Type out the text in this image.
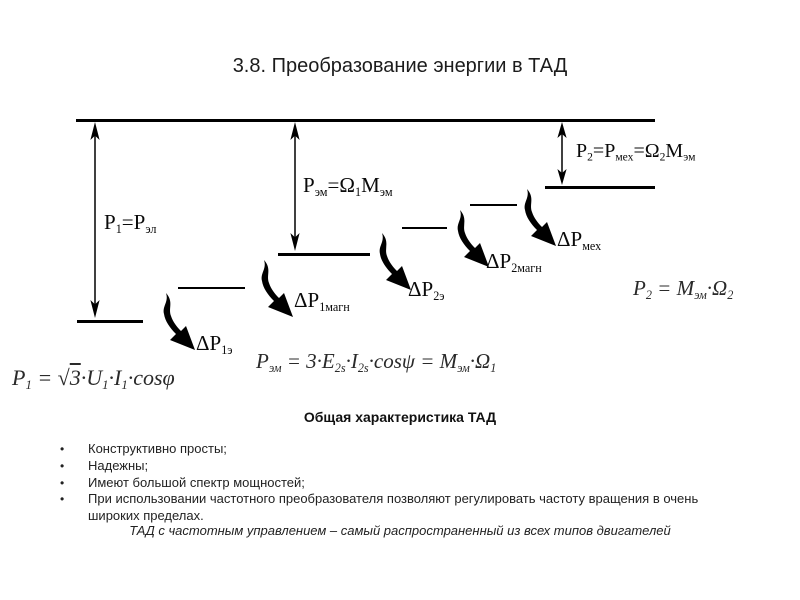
3.8. Преобразование энергии в ТАД
$P_1=P_{эл}$
$P_{эм}=\Omega_1M_{эм}$
$P_2=P_{мех}=\Omega_2M_{эм}$
$\Delta P_{1э}$
$\Delta P_{1магн}$
$\Delta P_{2э}$
$\Delta P_{2магн}$
$\Delta P_{мех}$
$P_1 = √3\cdot U_1\cdot I_1\cdot\cos\varphi$
$P_{эм} = 3\cdot E_{2s}\cdot I_{2s}\cdot\cos\psi = M_{эм}\cdot\Omega_1$
$P_2 = M_{эм}\cdot\Omega_2$
Общая характеристика ТАД
•	Конструктивно просты;
•	Надежны;
•	Имеют большой спектр мощностей;
•	При использовании частотного преобразователя позволяют регулировать частоту вращения в очень широких пределах.
ТАД с частотным управлением – самый распространенный из всех типов двигателей
